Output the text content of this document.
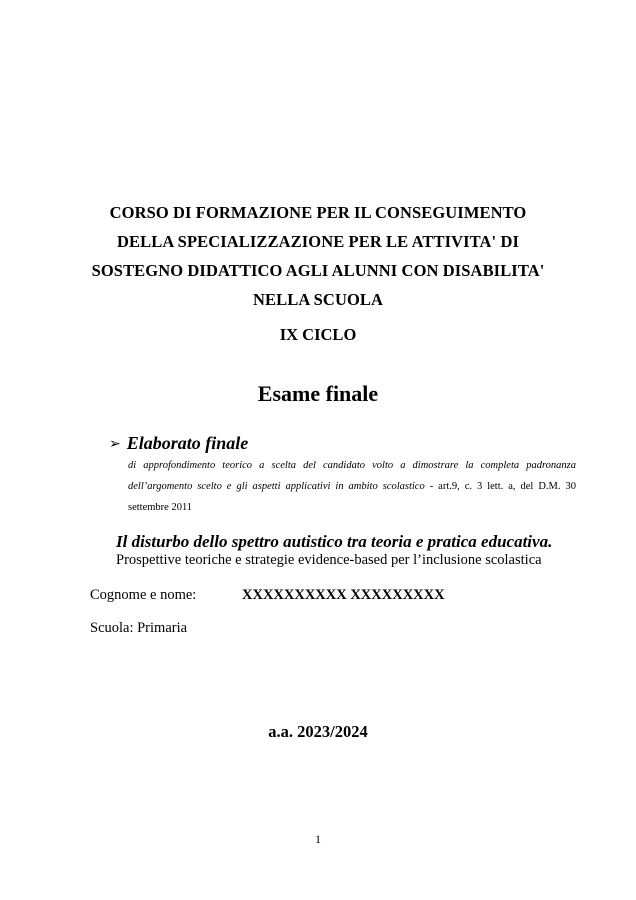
CORSO DI FORMAZIONE PER IL CONSEGUIMENTO
DELLA SPECIALIZZAZIONE PER LE ATTIVITA' DI
SOSTEGNO DIDATTICO AGLI ALUNNI CON DISABILITA'
NELLA SCUOLA
IX CICLO
Esame finale
➢ Elaborato finale
di approfondimento teorico a scelta del candidato volto a dimostrare la completa padronanza dell’argomento scelto e gli aspetti applicativi in ambito scolastico - art.9, c. 3 lett. a, del D.M. 30 settembre 2011
Il disturbo dello spettro autistico tra teoria e pratica educativa.
Prospettive teoriche e strategie evidence-based per l’inclusione scolastica
Cognome e nome:	XXXXXXXXXX XXXXXXXXX
Scuola: Primaria
a.a. 2023/2024
1
